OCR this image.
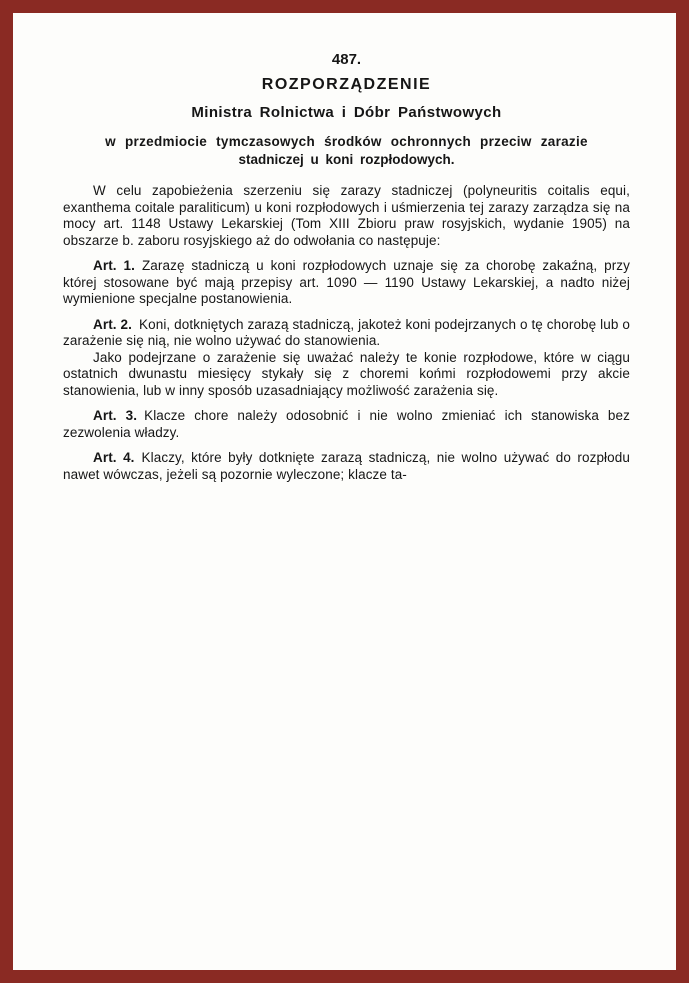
487.

ROZPORZĄDZENIE
Ministra Rolnictwa i Dóbr Państwowych
w przedmiocie tymczasowych środków ochronnych przeciw zarazie
stadniczej u koni rozpłodowych.

W celu zapobieżenia szerzeniu się zarazy stadniczej (polyneuritis coitalis equi, exanthema coitale paraliticum) u koni rozpłodowych i uśmierzenia tej zarazy zarządza się na mocy art. 1148 Ustawy Lekarskiej (Tom XIII Zbioru praw rosyjskich, wydanie 1905) na obszarze b. zaboru rosyjskiego aż do odwołania co następuje:

Art. 1. Zarazę stadniczą u koni rozpłodowych uznaje się za chorobę zakaźną, przy której stosowane być mają przepisy art. 1090 — 1190 Ustawy Lekarskiej, a nadto niżej wymienione specjalne postanowienia.

Art. 2. Koni, dotkniętych zarazą stadniczą, jakoteż koni podejrzanych o tę chorobę lub o zarażenie się nią, nie wolno używać do stanowienia.

Jako podejrzane o zarażenie się uważać należy te konie rozpłodowe, które w ciągu ostatnich dwunastu miesięcy stykały się z choremi końmi rozpłodowemi przy akcie stanowienia, lub w inny sposób uzasadniający możliwość zarażenia się.

Art. 3. Klacze chore należy odosobnić i nie wolno zmieniać ich stanowiska bez zezwolenia władzy.

Art. 4. Klaczy, które były dotknięte zarazą stadniczą, nie wolno używać do rozpłodu nawet wówczas, jeżeli są pozornie wyleczone; klacze ta-
